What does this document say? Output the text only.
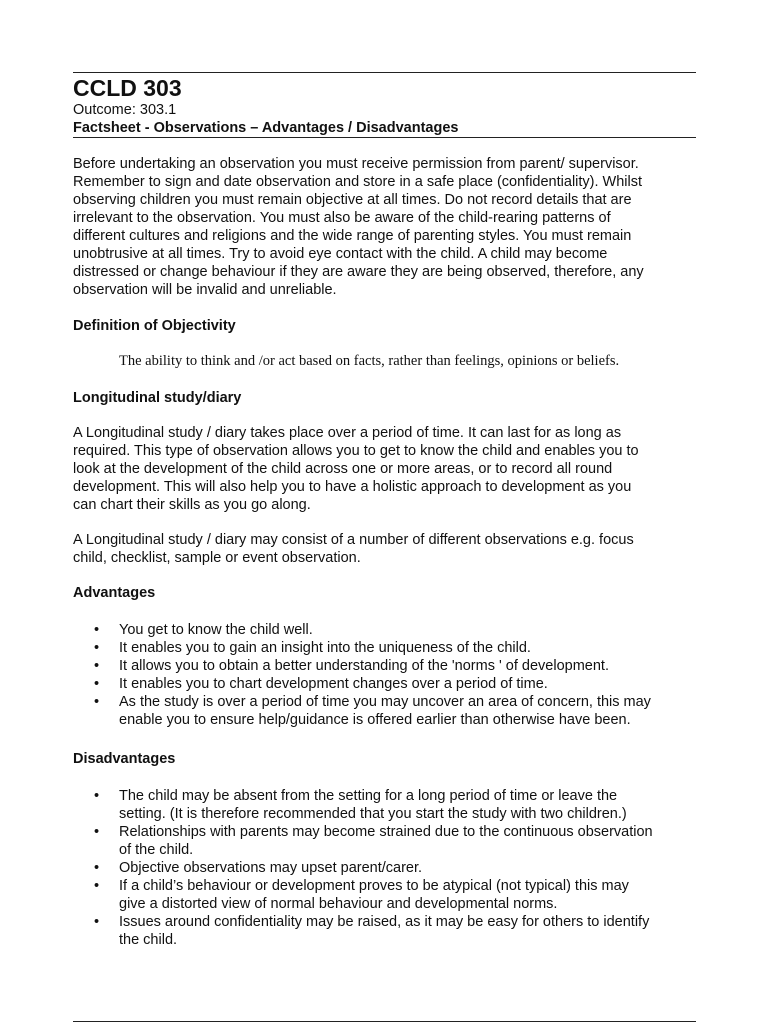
CCLD 303
Outcome: 303.1
Factsheet - Observations – Advantages / Disadvantages

Before undertaking an observation you must receive permission from parent/ supervisor.
Remember to sign and date observation and store in a safe place (confidentiality). Whilst
observing children you must remain objective at all times. Do not record details that are
irrelevant to the observation. You must also be aware of the child-rearing patterns of
different cultures and religions and the wide range of parenting styles. You must remain
unobtrusive at all times. Try to avoid eye contact with the child. A child may become
distressed or change behaviour if they are aware they are being observed, therefore, any
observation will be invalid and unreliable.

Definition of Objectivity
The ability to think and /or act based on facts, rather than feelings, opinions or beliefs.
Longitudinal study/diary

A Longitudinal study / diary takes place over a period of time. It can last for as long as
required. This type of observation allows you to get to know the child and enables you to
look at the development of the child across one or more areas, or to record all round
development. This will also help you to have a holistic approach to development as you
can chart their skills as you go along.

A Longitudinal study / diary may consist of a number of different observations e.g. focus
child, checklist, sample or event observation.

Advantages
• You get to know the child well.
• It enables you to gain an insight into the uniqueness of the child.
• It allows you to obtain a better understanding of the 'norms ' of development.
• It enables you to chart development changes over a period of time.
• As the study is over a period of time you may uncover an area of concern, this may
enable you to ensure help/guidance is offered earlier than otherwise have been.
Disadvantages
• The child may be absent from the setting for a long period of time or leave the
setting. (It is therefore recommended that you start the study with two children.)
• Relationships with parents may become strained due to the continuous observation
of the child.
• Objective observations may upset parent/carer.
• If a child’s behaviour or development proves to be atypical (not typical) this may
give a distorted view of normal behaviour and developmental norms.
• Issues around confidentiality may be raised, as it may be easy for others to identify
the child.
